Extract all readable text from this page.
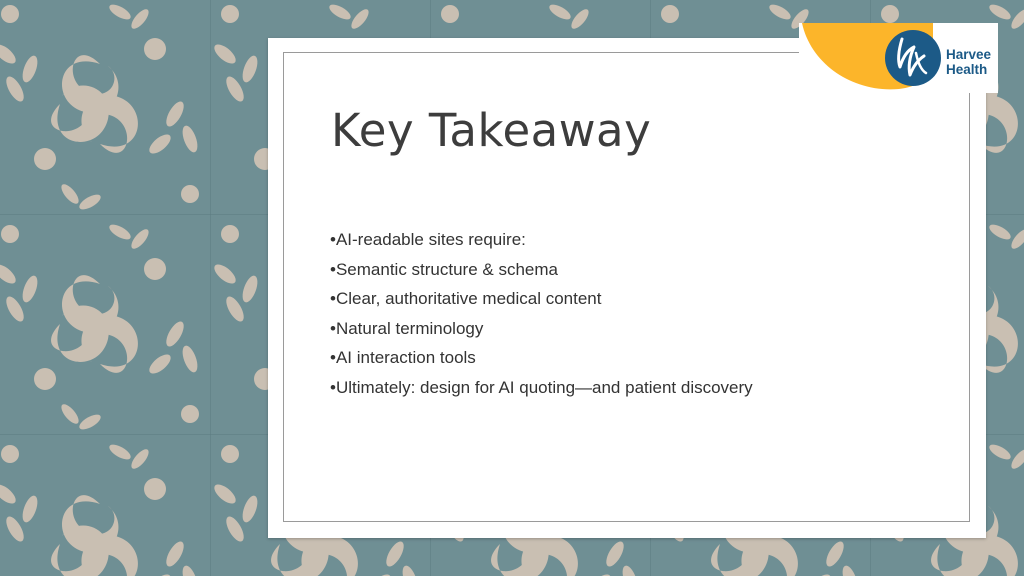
Key Takeaway
•AI-readable sites require:
•Semantic structure & schema
•Clear, authoritative medical content
•Natural terminology
•AI interaction tools
•Ultimately: design for AI quoting—and patient discovery
Harvee
Health
